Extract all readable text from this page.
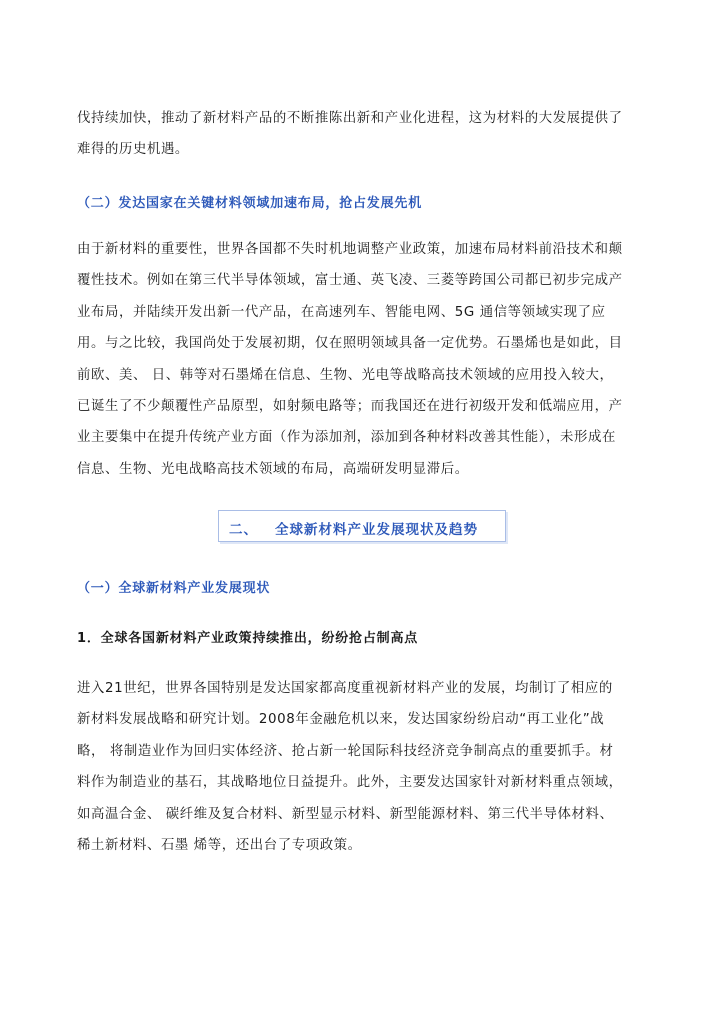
伐持续加快，推动了新材料产品的不断推陈出新和产业化进程，这为材料的大发展提供了
难得的历史机遇。

（二）发达国家在关键材料领域加速布局，抢占发展先机

由于新材料的重要性，世界各国都不失时机地调整产业政策，加速布局材料前沿技术和颠
覆性技术。例如在第三代半导体领域，富士通、英飞凌、三菱等跨国公司都已初步完成产
业布局，并陆续开发出新一代产品，在高速列车、智能电网、5G 通信等领域实现了应
用。与之比较，我国尚处于发展初期，仅在照明领域具备一定优势。石墨烯也是如此，目
前欧、美、 日、韩等对石墨烯在信息、生物、光电等战略高技术领域的应用投入较大，
已诞生了不少颠覆性产品原型，如射频电路等；而我国还在进行初级开发和低端应用，产
业主要集中在提升传统产业方面（作为添加剂，添加到各种材料改善其性能），未形成在
信息、生物、光电战略高技术领域的布局，高端研发明显滞后。
二、 全球新材料产业发展现状及趋势

（一）全球新材料产业发展现状

1．全球各国新材料产业政策持续推出，纷纷抢占制高点

进入21世纪，世界各国特别是发达国家都高度重视新材料产业的发展，均制订了相应的
新材料发展战略和研究计划。2008年金融危机以来，发达国家纷纷启动“再工业化”战
略， 将制造业作为回归实体经济、抢占新一轮国际科技经济竞争制高点的重要抓手。材
料作为制造业的基石，其战略地位日益提升。此外，主要发达国家针对新材料重点领域，
如高温合金、 碳纤维及复合材料、新型显示材料、新型能源材料、第三代半导体材料、
稀土新材料、石墨 烯等，还出台了专项政策。
